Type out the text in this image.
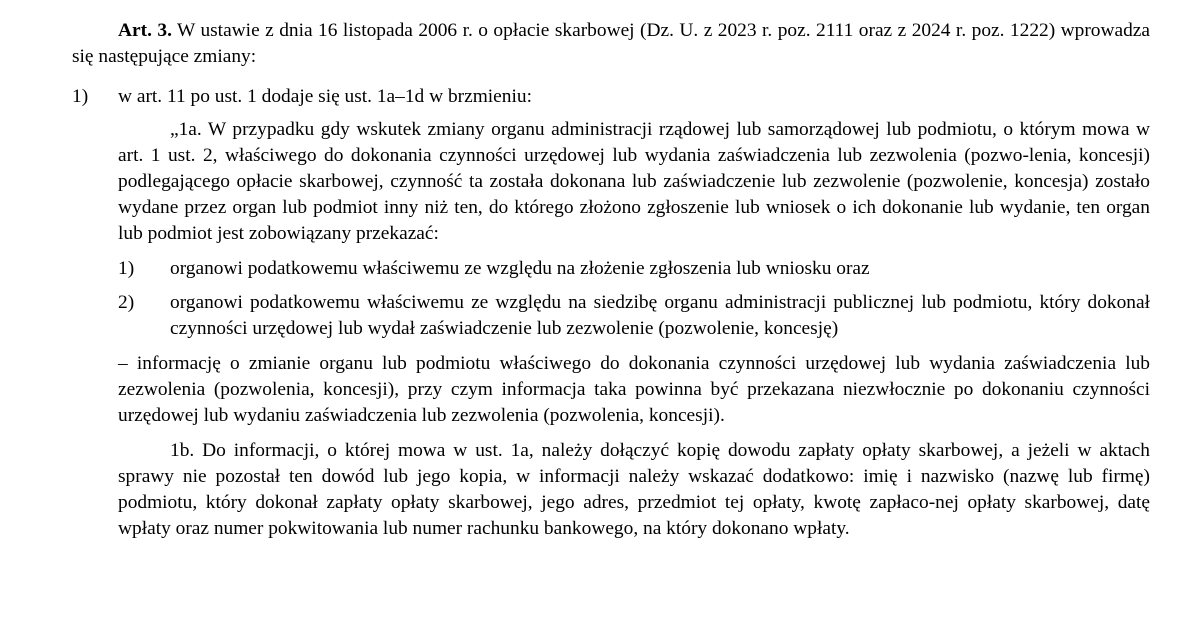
Art. 3. W ustawie z dnia 16 listopada 2006 r. o opłacie skarbowej (Dz. U. z 2023 r. poz. 2111 oraz z 2024 r. poz. 1222) wprowadza się następujące zmiany:
1) w art. 11 po ust. 1 dodaje się ust. 1a–1d w brzmieniu:
„1a. W przypadku gdy wskutek zmiany organu administracji rządowej lub samorządowej lub podmiotu, o którym mowa w art. 1 ust. 2, właściwego do dokonania czynności urzędowej lub wydania zaświadczenia lub zezwolenia (pozwo-lenia, koncesji) podlegającego opłacie skarbowej, czynność ta została dokonana lub zaświadczenie lub zezwolenie (pozwolenie, koncesja) zostało wydane przez organ lub podmiot inny niż ten, do którego złożono zgłoszenie lub wniosek o ich dokonanie lub wydanie, ten organ lub podmiot jest zobowiązany przekazać:
1) organowi podatkowemu właściwemu ze względu na złożenie zgłoszenia lub wniosku oraz
2) organowi podatkowemu właściwemu ze względu na siedzibę organu administracji publicznej lub podmiotu, który dokonał czynności urzędowej lub wydał zaświadczenie lub zezwolenie (pozwolenie, koncesję)
– informację o zmianie organu lub podmiotu właściwego do dokonania czynności urzędowej lub wydania zaświadczenia lub zezwolenia (pozwolenia, koncesji), przy czym informacja taka powinna być przekazana niezwłocznie po dokonaniu czynności urzędowej lub wydaniu zaświadczenia lub zezwolenia (pozwolenia, koncesji).
1b. Do informacji, o której mowa w ust. 1a, należy dołączyć kopię dowodu zapłaty opłaty skarbowej, a jeżeli w aktach sprawy nie pozostał ten dowód lub jego kopia, w informacji należy wskazać dodatkowo: imię i nazwisko (nazwę lub firmę) podmiotu, który dokonał zapłaty opłaty skarbowej, jego adres, przedmiot tej opłaty, kwotę zapłaco-nej opłaty skarbowej, datę wpłaty oraz numer pokwitowania lub numer rachunku bankowego, na który dokonano wpłaty.
